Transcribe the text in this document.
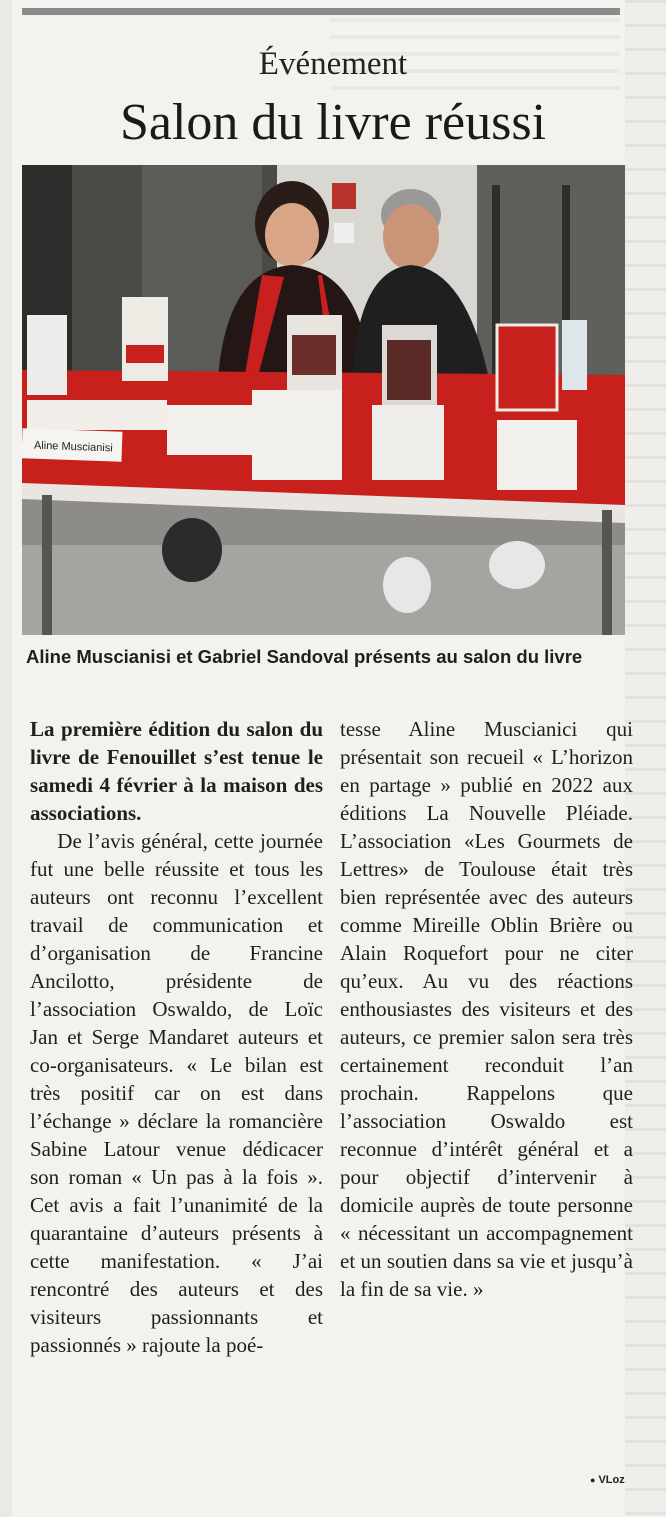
Événement
Salon du livre réussi
Aline Muscianisi
Aline Muscianisi et Gabriel Sandoval présents au salon du livre

La première édition du salon du livre de Fenouillet s’est tenue le samedi 4 février à la maison des associations.

De l’avis général, cette journée fut une belle réussite et tous les auteurs ont reconnu l’excellent travail de communication et d’organisation de Francine Ancilotto, présidente de l’association Oswaldo, de Loïc Jan et Serge Mandaret auteurs et co-organisateurs. « Le bilan est très positif car on est dans l’échange » déclare la romancière Sabine Latour venue dédicacer son roman « Un pas à la fois ». Cet avis a fait l’unanimité de la quarantaine d’auteurs présents à cette manifestation. « J’ai rencontré des auteurs et des visiteurs passionnants et passionnés » rajoute la poé-

tesse Aline Muscianici qui présentait son recueil « L’horizon en partage » publié en 2022 aux éditions La Nouvelle Pléiade. L’association «Les Gourmets de Lettres» de Toulouse était très bien représentée avec des auteurs comme Mireille Oblin Brière ou Alain Roquefort pour ne citer qu’eux. Au vu des réactions enthousiastes des visiteurs et des auteurs, ce premier salon sera très certainement reconduit l’an prochain. Rappelons que l’association Oswaldo est reconnue d’intérêt général et a pour objectif d’intervenir à domicile auprès de toute personne « nécessitant un accompagnement et un soutien dans sa vie et jusqu’à la fin de sa vie. »

● VLoz
